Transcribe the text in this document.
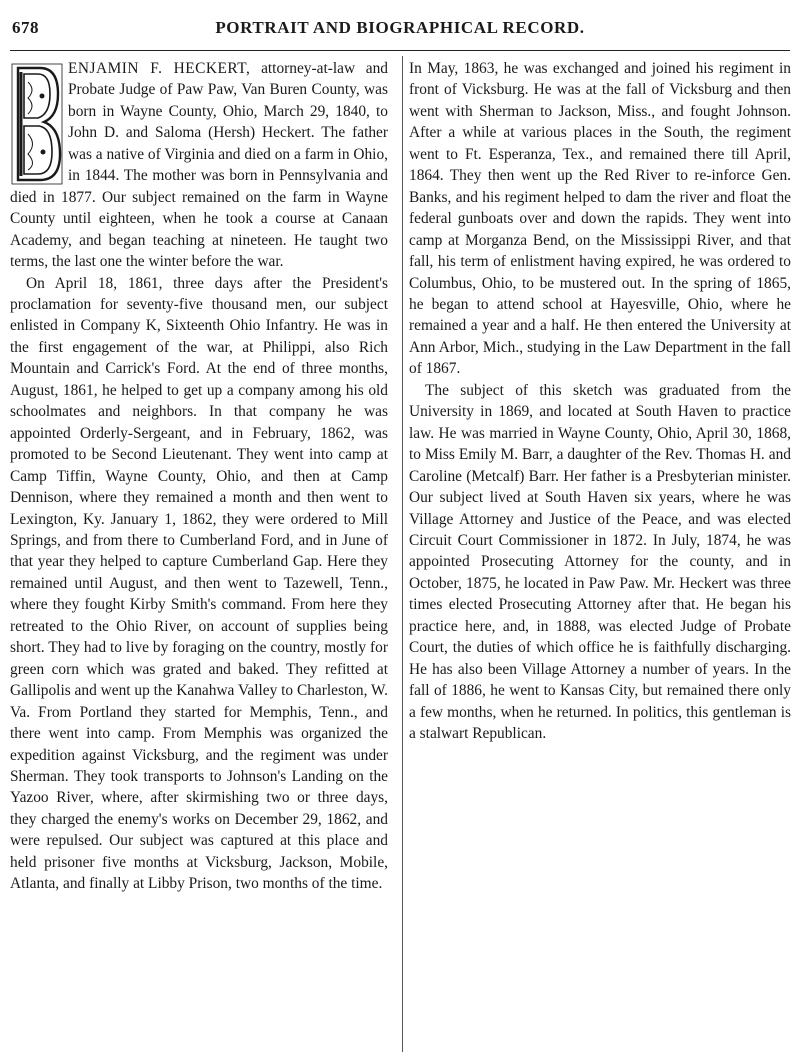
678	PORTRAIT AND BIOGRAPHICAL RECORD.

ENJAMIN F. HECKERT, attorney-at-law and Probate Judge of Paw Paw, Van Buren County, was born in Wayne County, Ohio, March 29, 1840, to John D. and Saloma (Hersh) Heckert. The father was a native of Virginia and died on a farm in Ohio, in 1844. The mother was born in Pennsylvania and died in 1877. Our subject remained on the farm in Wayne County until eighteen, when he took a course at Canaan Academy, and began teaching at nineteen. He taught two terms, the last one the winter before the war.

On April 18, 1861, three days after the President's proclamation for seventy-five thousand men, our subject enlisted in Company K, Sixteenth Ohio Infantry. He was in the first engagement of the war, at Philippi, also Rich Mountain and Carrick's Ford. At the end of three months, August, 1861, he helped to get up a company among his old schoolmates and neighbors. In that company he was appointed Orderly-Sergeant, and in February, 1862, was promoted to be Second Lieutenant. They went into camp at Camp Tiffin, Wayne County, Ohio, and then at Camp Dennison, where they remained a month and then went to Lexington, Ky. January 1, 1862, they were ordered to Mill Springs, and from there to Cumberland Ford, and in June of that year they helped to capture Cumberland Gap. Here they remained until August, and then went to Tazewell, Tenn., where they fought Kirby Smith's command. From here they retreated to the Ohio River, on account of supplies being short. They had to live by foraging on the country, mostly for green corn which was grated and baked. They refitted at Gallipolis and went up the Kanahwa Valley to Charleston, W. Va. From Portland they started for Memphis, Tenn., and there went into camp. From Memphis was organized the expedition against Vicksburg, and the regiment was under Sherman. They took transports to Johnson's Landing on the Yazoo River, where, after skirmishing two or three days, they charged the enemy's works on December 29, 1862, and were repulsed. Our subject was captured at this place and held prisoner five months at Vicksburg, Jackson, Mobile, Atlanta, and finally at Libby Prison, two months of the time.

In May, 1863, he was exchanged and joined his regiment in front of Vicksburg. He was at the fall of Vicksburg and then went with Sherman to Jackson, Miss., and fought Johnson. After a while at various places in the South, the regiment went to Ft. Esperanza, Tex., and remained there till April, 1864. They then went up the Red River to re-inforce Gen. Banks, and his regiment helped to dam the river and float the federal gunboats over and down the rapids. They went into camp at Morganza Bend, on the Mississippi River, and that fall, his term of enlistment having expired, he was ordered to Columbus, Ohio, to be mustered out. In the spring of 1865, he began to attend school at Hayesville, Ohio, where he remained a year and a half. He then entered the University at Ann Arbor, Mich., studying in the Law Department in the fall of 1867.

The subject of this sketch was graduated from the University in 1869, and located at South Haven to practice law. He was married in Wayne County, Ohio, April 30, 1868, to Miss Emily M. Barr, a daughter of the Rev. Thomas H. and Caroline (Metcalf) Barr. Her father is a Presbyterian minister. Our subject lived at South Haven six years, where he was Village Attorney and Justice of the Peace, and was elected Circuit Court Commissioner in 1872. In July, 1874, he was appointed Prosecuting Attorney for the county, and in October, 1875, he located in Paw Paw. Mr. Heckert was three times elected Prosecuting Attorney after that. He began his practice here, and, in 1888, was elected Judge of Probate Court, the duties of which office he is faithfully discharging. He has also been Village Attorney a number of years. In the fall of 1886, he went to Kansas City, but remained there only a few months, when he returned. In politics, this gentleman is a stalwart Republican.
